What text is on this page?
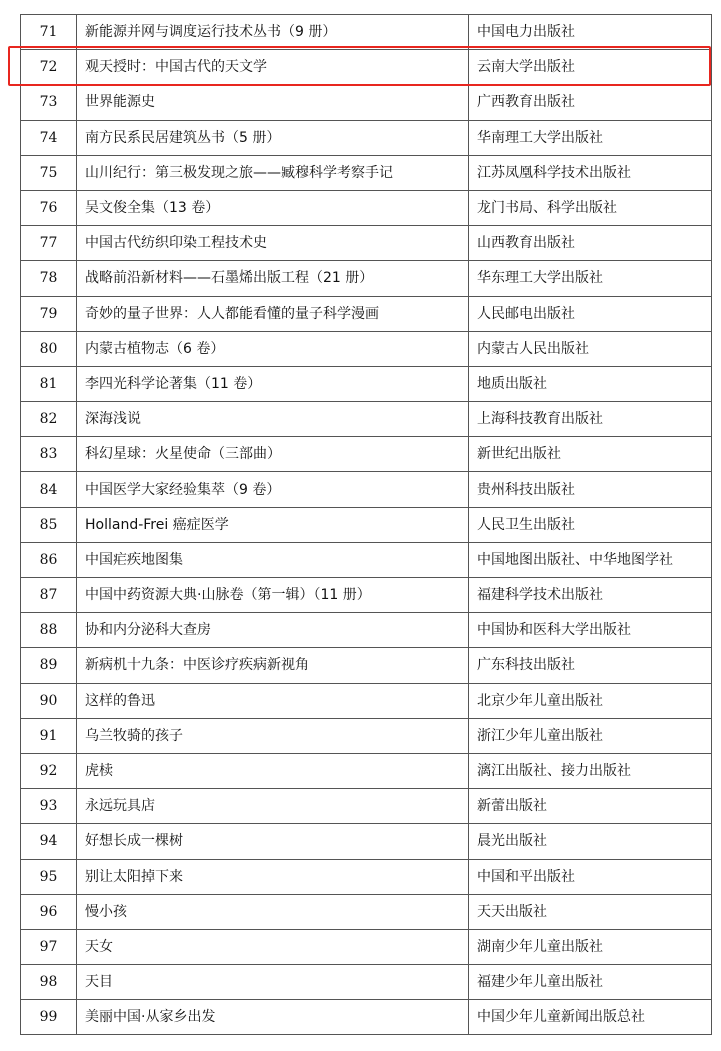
71	新能源并网与调度运行技术丛书（9 册）	中国电力出版社
72	观天授时：中国古代的天文学	云南大学出版社
73	世界能源史	广西教育出版社
74	南方民系民居建筑丛书（5 册）	华南理工大学出版社
75	山川纪行：第三极发现之旅——臧穆科学考察手记	江苏凤凰科学技术出版社
76	吴文俊全集（13 卷）	龙门书局、科学出版社
77	中国古代纺织印染工程技术史	山西教育出版社
78	战略前沿新材料——石墨烯出版工程（21 册）	华东理工大学出版社
79	奇妙的量子世界：人人都能看懂的量子科学漫画	人民邮电出版社
80	内蒙古植物志（6 卷）	内蒙古人民出版社
81	李四光科学论著集（11 卷）	地质出版社
82	深海浅说	上海科技教育出版社
83	科幻星球：火星使命（三部曲）	新世纪出版社
84	中国医学大家经验集萃（9 卷）	贵州科技出版社
85	Holland-Frei 癌症医学	人民卫生出版社
86	中国疟疾地图集	中国地图出版社、中华地图学社
87	中国中药资源大典·山脉卷（第一辑）（11 册）	福建科学技术出版社
88	协和内分泌科大查房	中国协和医科大学出版社
89	新病机十九条：中医诊疗疾病新视角	广东科技出版社
90	这样的鲁迅	北京少年儿童出版社
91	乌兰牧骑的孩子	浙江少年儿童出版社
92	虎椟	漓江出版社、接力出版社
93	永远玩具店	新蕾出版社
94	好想长成一棵树	晨光出版社
95	别让太阳掉下来	中国和平出版社
96	慢小孩	天天出版社
97	天女	湖南少年儿童出版社
98	天目	福建少年儿童出版社
99	美丽中国·从家乡出发	中国少年儿童新闻出版总社
